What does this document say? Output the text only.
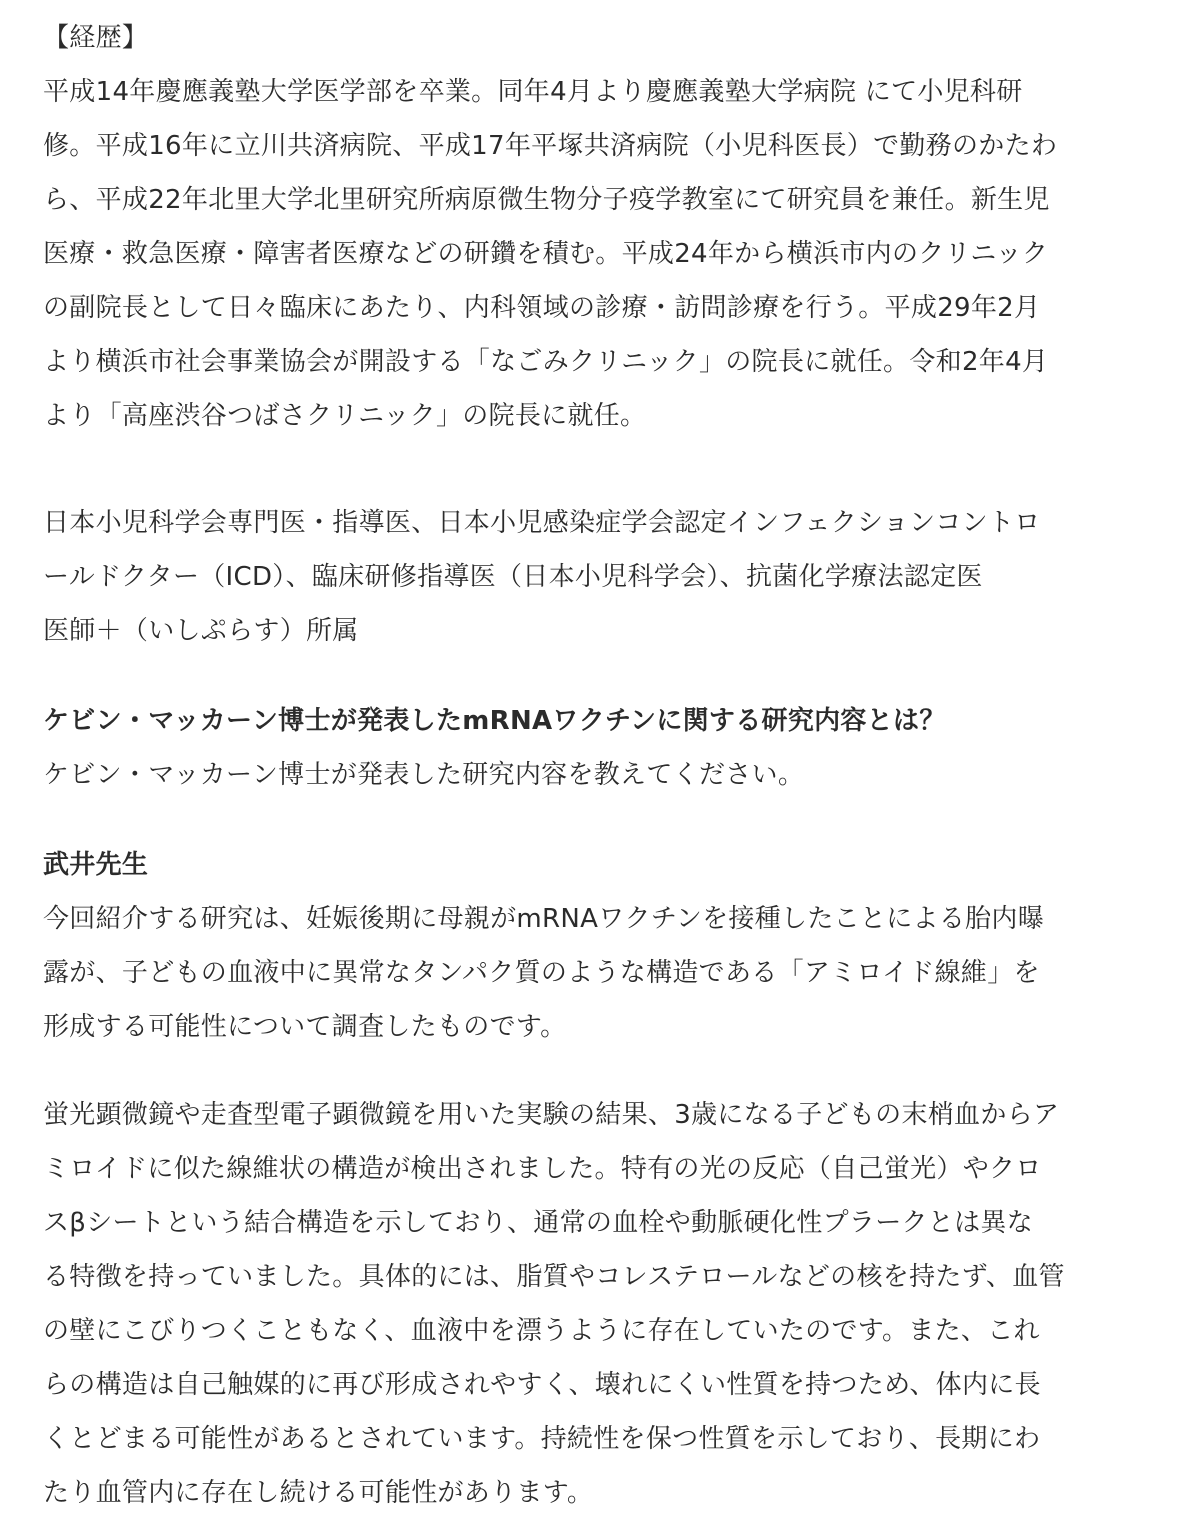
【経歴】
平成14年慶應義塾大学医学部を卒業。同年4月より慶應義塾大学病院 にて小児科研
修。平成16年に立川共済病院、平成17年平塚共済病院（小児科医長）で勤務のかたわ
ら、平成22年北里大学北里研究所病原微生物分子疫学教室にて研究員を兼任。新生児
医療・救急医療・障害者医療などの研鑽を積む。平成24年から横浜市内のクリニック
の副院長として日々臨床にあたり、内科領域の診療・訪問診療を行う。平成29年2月
より横浜市社会事業協会が開設する「なごみクリニック」の院長に就任。令和2年4月
より「高座渋谷つばさクリニック」の院長に就任。
日本小児科学会専門医・指導医、日本小児感染症学会認定インフェクションコントロ
ールドクター（ICD）、臨床研修指導医（日本小児科学会）、抗菌化学療法認定医
医師＋（いしぷらす）所属
ケビン・マッカーン博士が発表したmRNAワクチンに関する研究内容とは？
ケビン・マッカーン博士が発表した研究内容を教えてください。
武井先生
今回紹介する研究は、妊娠後期に母親がmRNAワクチンを接種したことによる胎内曝
露が、子どもの血液中に異常なタンパク質のような構造である「アミロイド線維」を
形成する可能性について調査したものです。
蛍光顕微鏡や走査型電子顕微鏡を用いた実験の結果、3歳になる子どもの末梢血からア
ミロイドに似た線維状の構造が検出されました。特有の光の反応（自己蛍光）やクロ
スβシートという結合構造を示しており、通常の血栓や動脈硬化性プラークとは異な
る特徴を持っていました。具体的には、脂質やコレステロールなどの核を持たず、血管
の壁にこびりつくこともなく、血液中を漂うように存在していたのです。また、これ
らの構造は自己触媒的に再び形成されやすく、壊れにくい性質を持つため、体内に長
くとどまる可能性があるとされています。持続性を保つ性質を示しており、長期にわ
たり血管内に存在し続ける可能性があります。
